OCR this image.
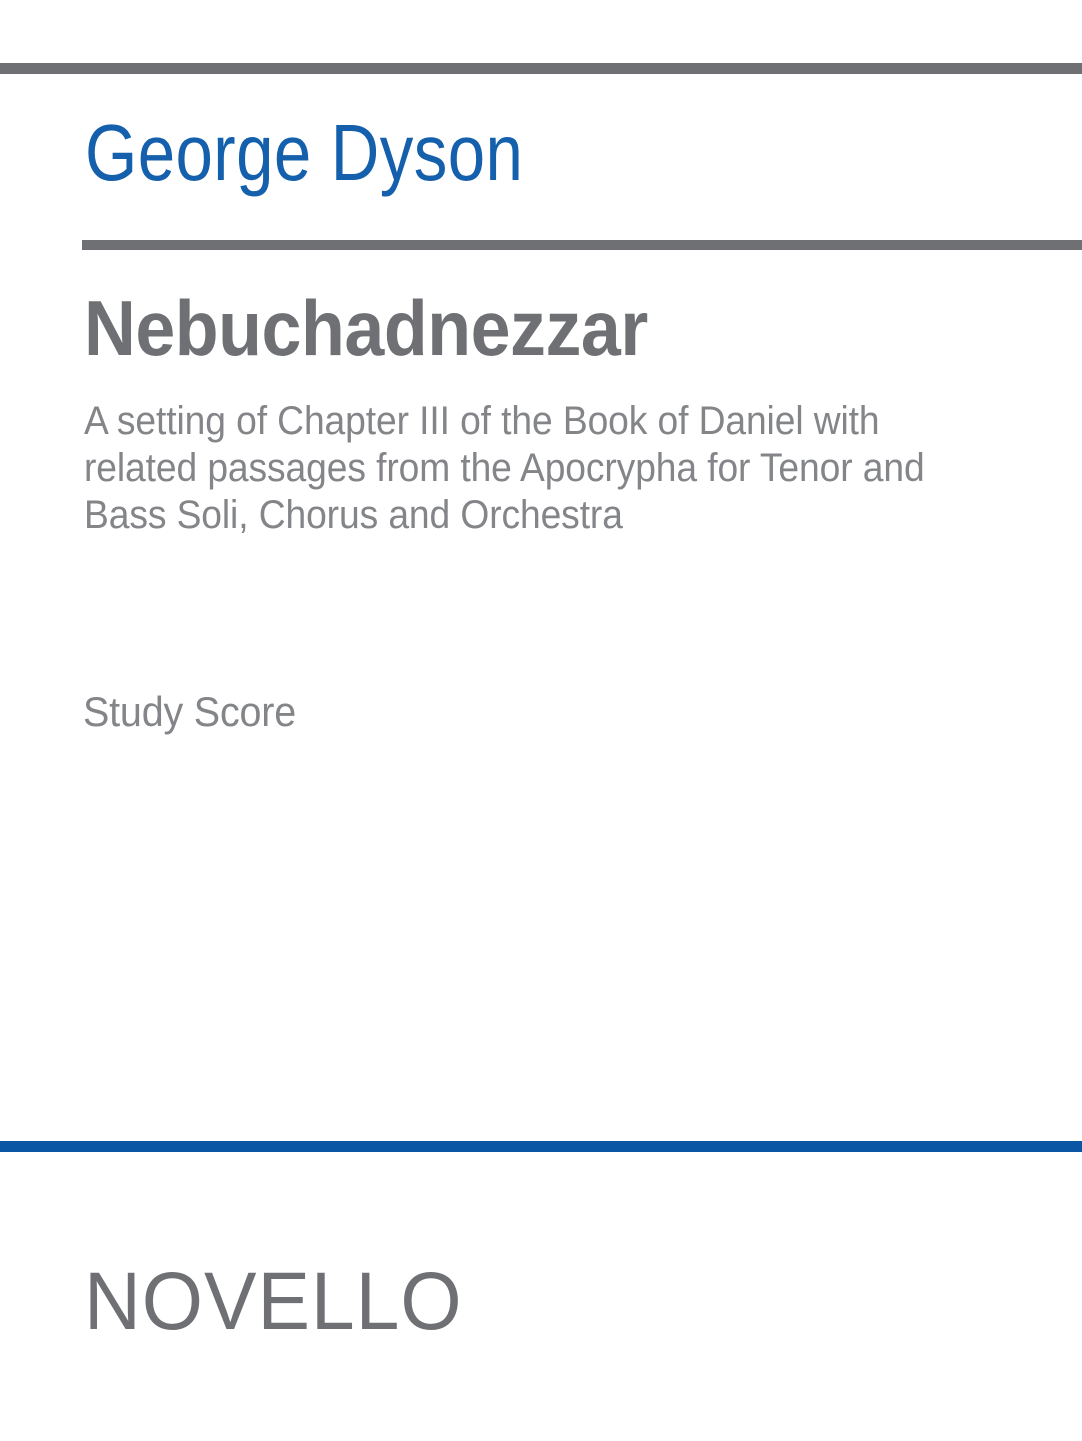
George Dyson
Nebuchadnezzar
A setting of Chapter III of the Book of Daniel with
related passages from the Apocrypha for Tenor and
Bass Soli, Chorus and Orchestra
Study Score
NOVELLO
